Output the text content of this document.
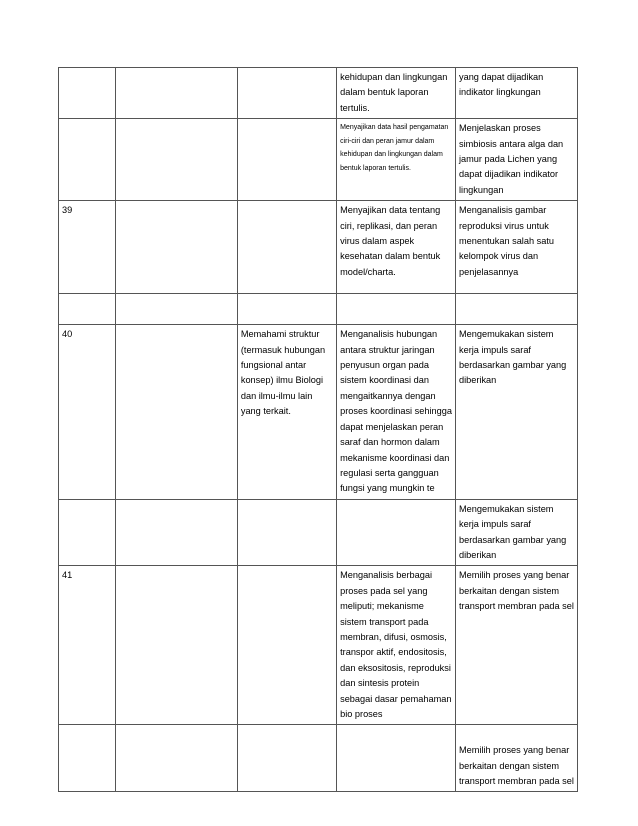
			kehidupan dan lingkungan dalam bentuk laporan tertulis.	yang dapat dijadikan indikator lingkungan
			Menyajikan data hasil pengamatan ciri-ciri dan peran jamur dalam kehidupan dan lingkungan dalam bentuk laporan tertulis.	Menjelaskan proses simbiosis antara alga dan jamur pada Lichen yang dapat dijadikan indikator lingkungan
39			Menyajikan data tentang ciri, replikasi, dan peran virus dalam aspek kesehatan dalam bentuk model/charta.	Menganalisis gambar reproduksi virus untuk menentukan salah satu kelompok virus dan penjelasannya

40		Memahami struktur (termasuk hubungan fungsional antar konsep) ilmu Biologi dan ilmu-ilmu lain yang terkait.	Menganalisis hubungan antara struktur jaringan penyusun organ pada sistem koordinasi dan mengaitkannya dengan proses koordinasi sehingga dapat menjelaskan peran saraf dan hormon dalam mekanisme koordinasi dan regulasi serta gangguan fungsi yang mungkin te	Mengemukakan sistem kerja impuls saraf berdasarkan gambar yang diberikan
				Mengemukakan sistem kerja impuls saraf berdasarkan gambar yang diberikan
41			Menganalisis berbagai proses pada sel yang meliputi; mekanisme sistem transport pada membran, difusi, osmosis, transpor aktif, endositosis, dan eksositosis, reproduksi dan sintesis protein sebagai dasar pemahaman bio proses	Memilih proses yang benar berkaitan dengan sistem transport membran pada sel
				Memilih proses yang benar berkaitan dengan sistem transport membran pada sel
